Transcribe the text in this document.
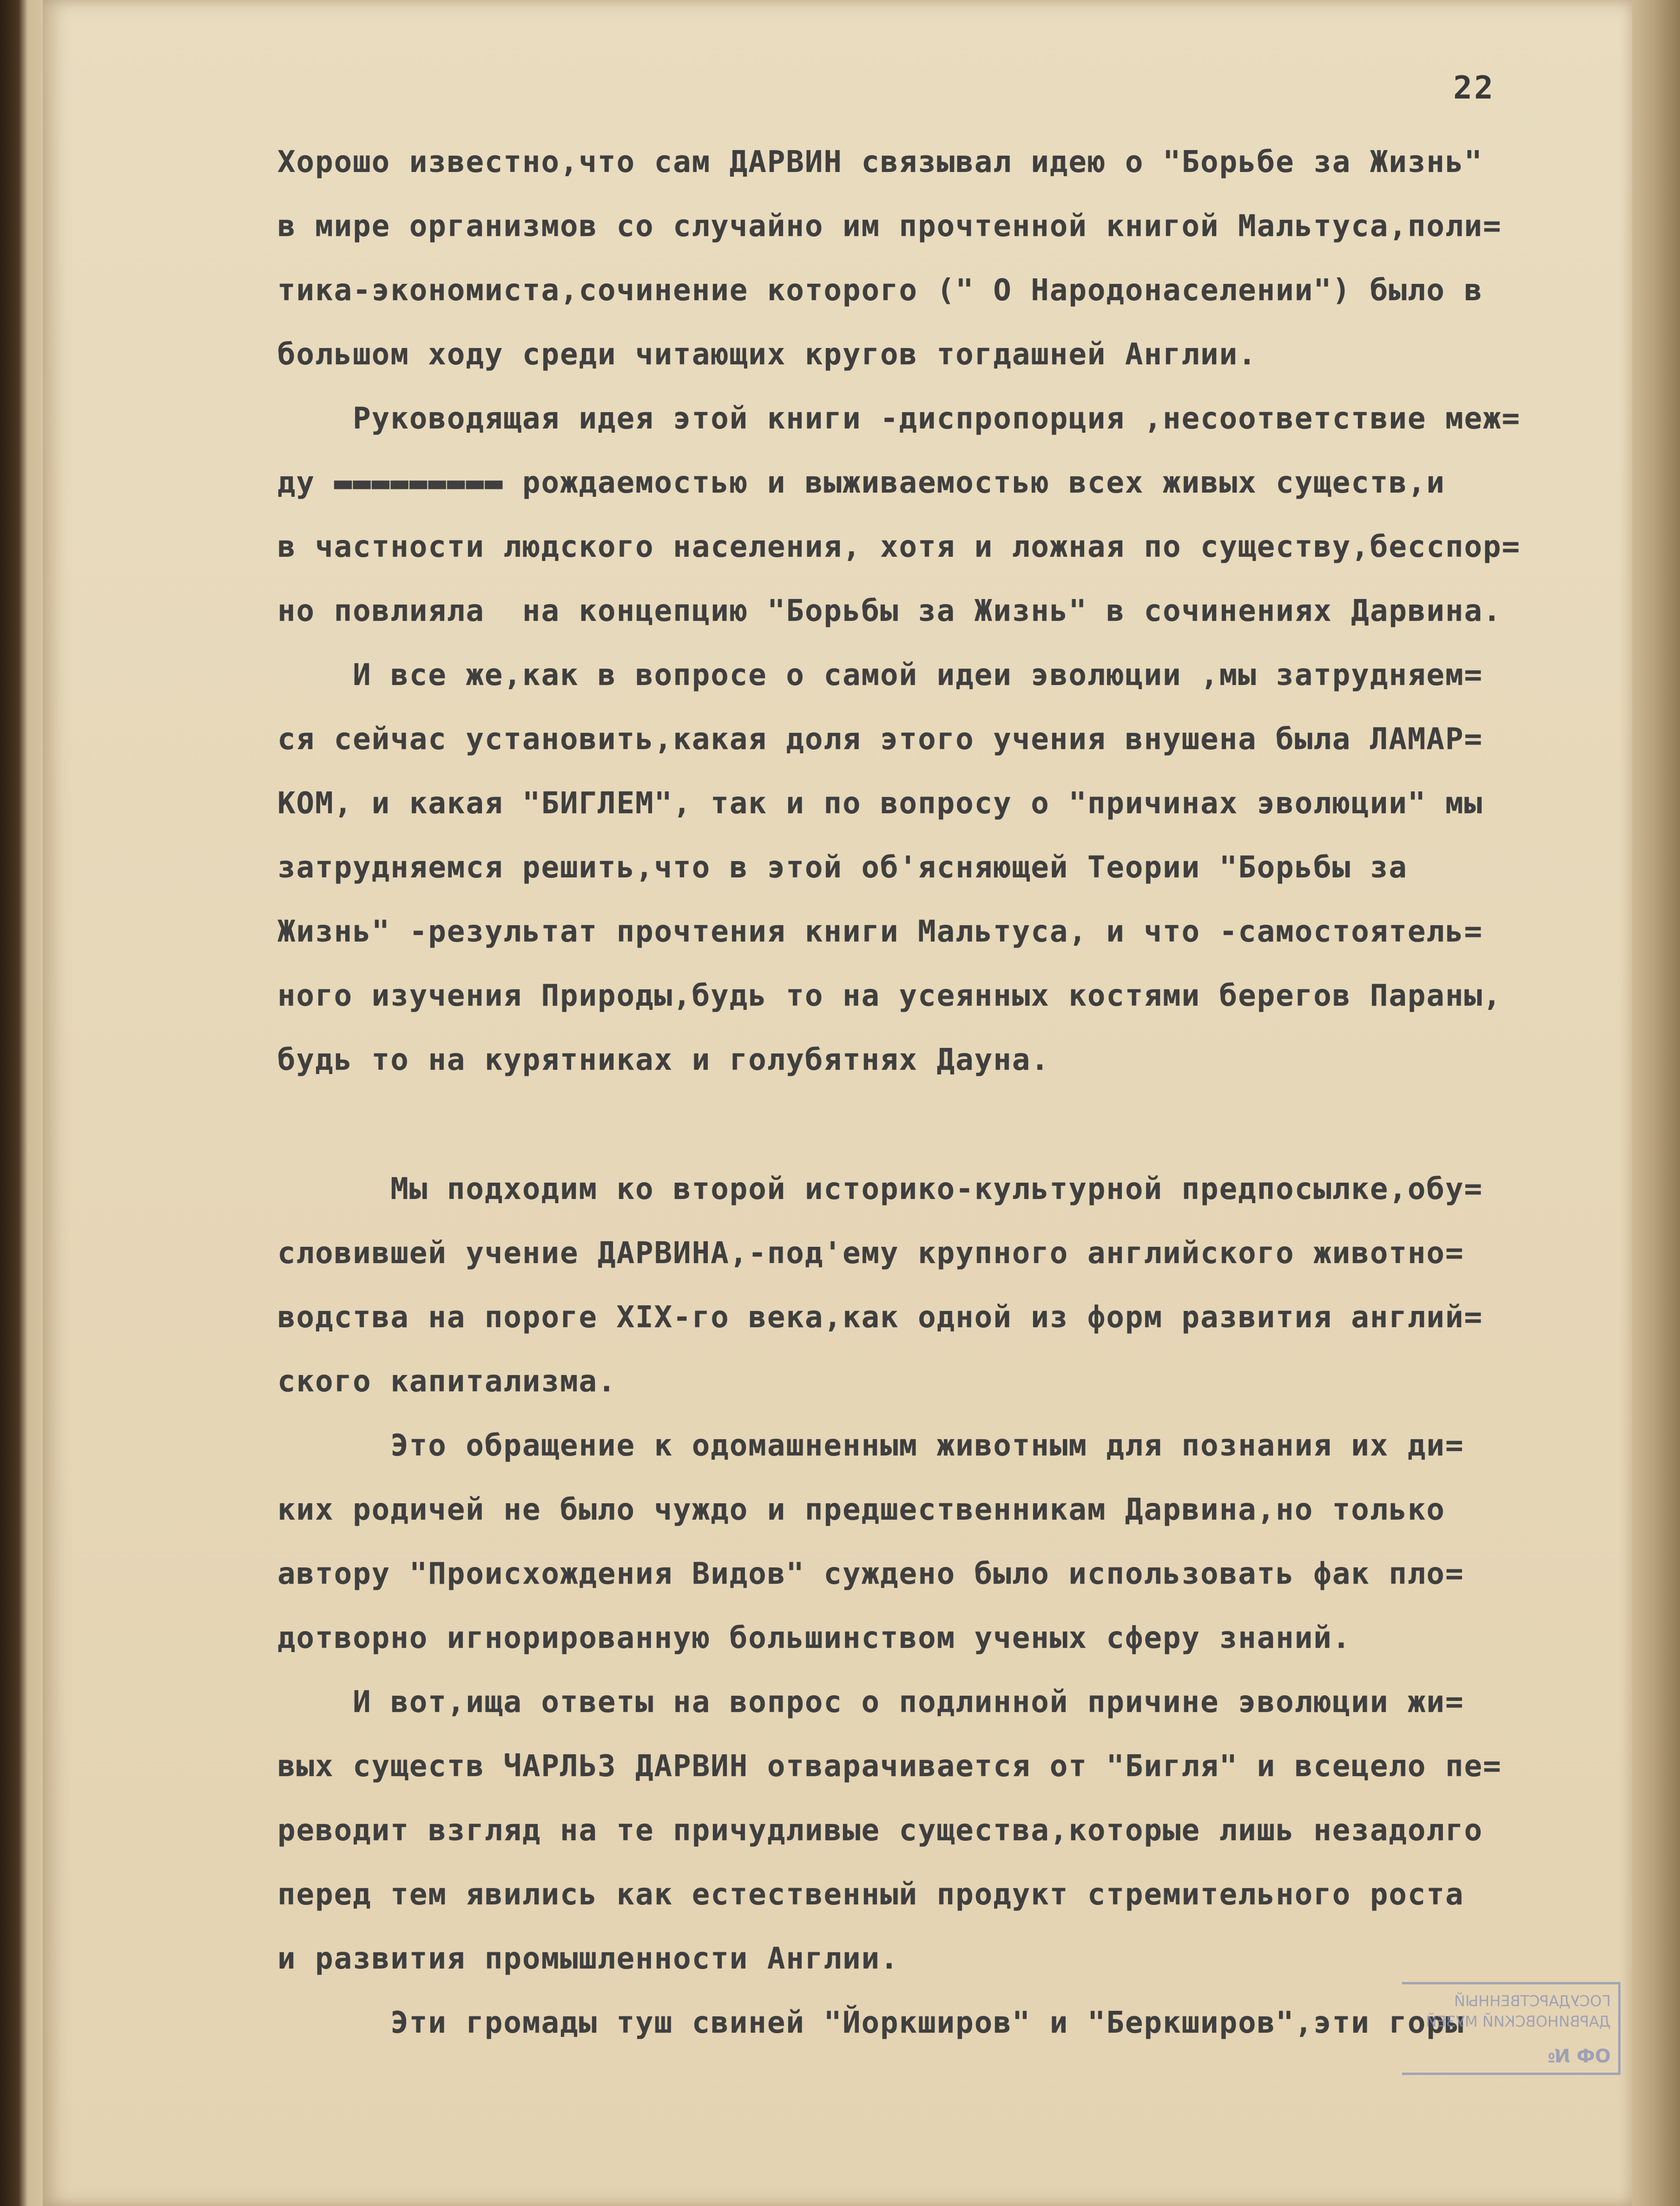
22
Хорошо известно,что сам ДАРВИН связывал идею о "Борьбе за Жизнь"
в мире организмов со случайно им прочтенной книгой Мальтуса,поли=
тика-экономиста,сочинение которого (" О Народонаселении") было в
большом ходу среди читающих кругов тогдашней Англии.
Руководящая идея этой книги -диспропорция ,несоответствие меж=
ду ▬▬▬▬▬▬▬▬▬ рождаемостью и выживаемостью всех живых существ,и
в частности людского населения, хотя и ложная по существу,бесспор=
но повлияла  на концепцию "Борьбы за Жизнь" в сочинениях Дарвина.
И все же,как в вопросе о самой идеи эволюции ,мы затрудняем=
ся сейчас установить,какая доля этого учения внушена была ЛАМАР=
КОМ, и какая "БИГЛЕМ", так и по вопросу о "причинах эволюции" мы
затрудняемся решить,что в этой об'ясняющей Теории "Борьбы за
Жизнь" -результат прочтения книги Мальтуса, и что -самостоятель=
ного изучения Природы,будь то на усеянных костями берегов Параны,
будь то на курятниках и голубятнях Дауна.
Мы подходим ко второй историко-культурной предпосылке,обу=
словившей учение ДАРВИНА,-под'ему крупного английского животно=
водства на пороге XIX-го века,как одной из форм развития англий=
ского капитализма.
Это обращение к одомашненным животным для познания их ди=
ких родичей не было чуждо и предшественникам Дарвина,но только
автору "Происхождения Видов" суждено было использовать фак пло=
дотворно игнорированную большинством ученых сферу знаний.
И вот,ища ответы на вопрос о подлинной причине эволюции жи=
вых существ ЧАРЛЬЗ ДАРВИН отварачивается от "Бигля" и всецело пе=
реводит взгляд на те причудливые существа,которые лишь незадолго
перед тем явились как естественный продукт стремительного роста
и развития промышленности Англии.
Эти громады туш свиней "Йоркширов" и "Беркширов",эти горы
ГОСУДАРСТВЕННЫЙ
ДАРВИНОВСКИЙ МУЗЕЙ
ОФ №
